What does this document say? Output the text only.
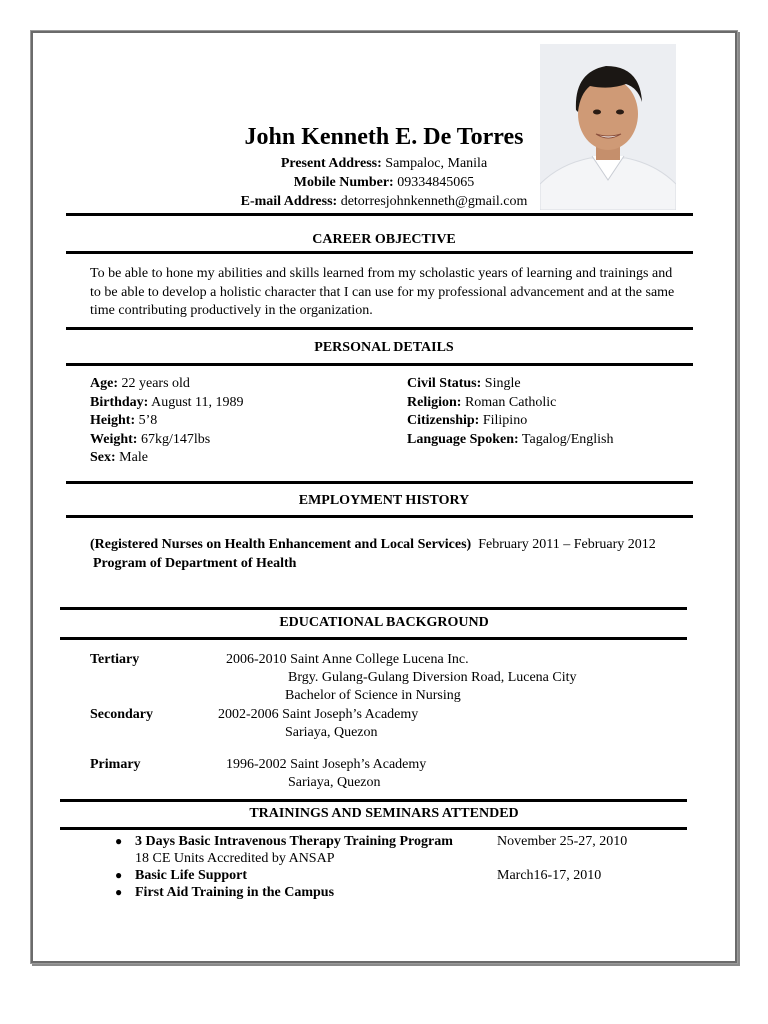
John Kenneth E. De Torres
Present Address: Sampaloc, Manila
Mobile Number: 09334845065
E-mail Address: detorresjohnkenneth@gmail.com
CAREER OBJECTIVE
To be able to hone my abilities and skills learned from my scholastic years of learning and trainings and
to be able to develop a holistic character that I can use for my professional advancement and at the same
time contributing productively in the organization.
PERSONAL DETAILS
Age: 22 years old
Birthday: August 11, 1989
Height: 5’8
Weight: 67kg/147lbs
Sex: Male
Civil Status: Single
Religion: Roman Catholic
Citizenship: Filipino
Language Spoken: Tagalog/English
EMPLOYMENT HISTORY
(Registered Nurses on Health Enhancement and Local Services) February 2011 – February 2012
Program of Department of Health
EDUCATIONAL BACKGROUND
Tertiary	2006-2010 Saint Anne College Lucena Inc.
Brgy. Gulang-Gulang Diversion Road, Lucena City
Bachelor of Science in Nursing
Secondary	2002-2006 Saint Joseph’s Academy
Sariaya, Quezon
Primary	1996-2002 Saint Joseph’s Academy
Sariaya, Quezon
TRAININGS AND SEMINARS ATTENDED
● 3 Days Basic Intravenous Therapy Training Program	November 25-27, 2010
18 CE Units Accredited by ANSAP
● Basic Life Support	March16-17, 2010
● First Aid Training in the Campus
